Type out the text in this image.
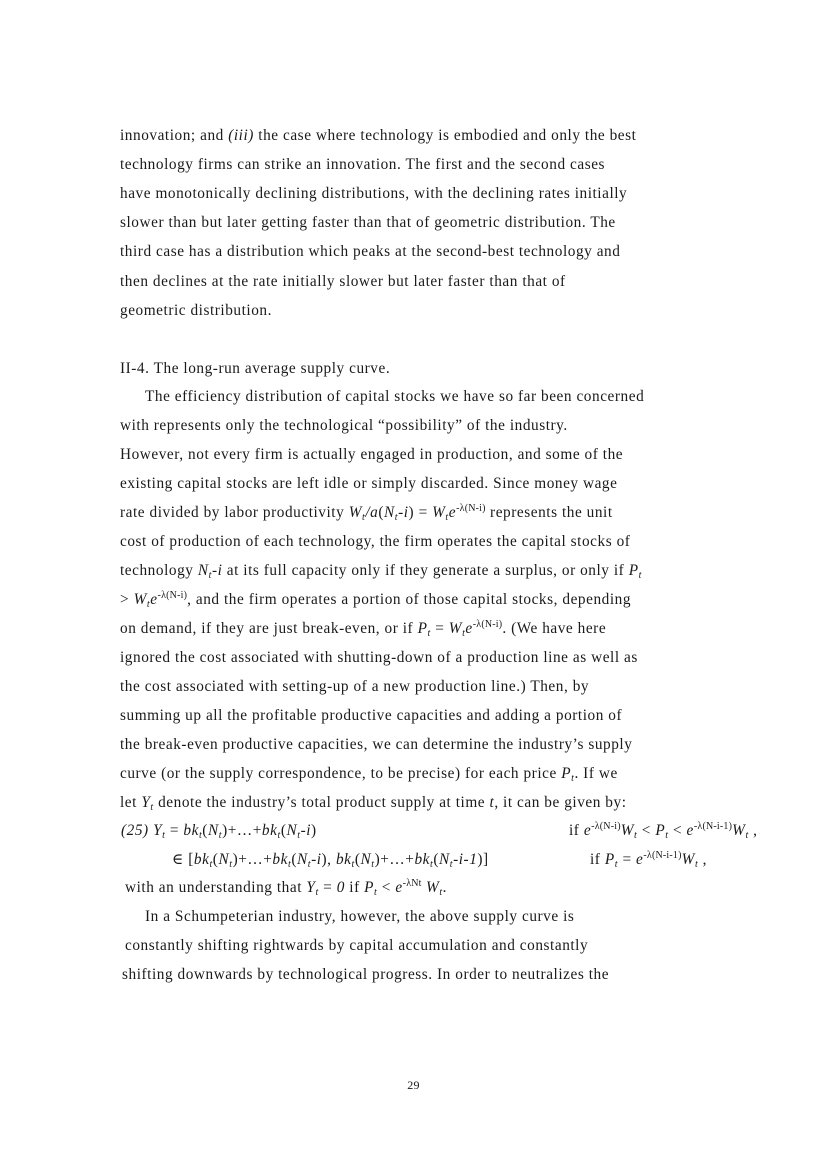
innovation; and (iii) the case where technology is embodied and only the best
technology firms can strike an innovation. The first and the second cases
have monotonically declining distributions, with the declining rates initially
slower than but later getting faster than that of geometric distribution. The
third case has a distribution which peaks at the second-best technology and
then declines at the rate initially slower but later faster than that of
geometric distribution.
II-4. The long-run average supply curve.
The efficiency distribution of capital stocks we have so far been concerned
with represents only the technological “possibility” of the industry.
However, not every firm is actually engaged in production, and some of the
existing capital stocks are left idle or simply discarded. Since money wage
rate divided by labor productivity $W_t/a(N_t-i) = W_te^{-\lambda(N-i)}$ represents the unit
cost of production of each technology, the firm operates the capital stocks of
technology $N_t-i$ at its full capacity only if they generate a surplus, or only if $P_t$
> $W_te^{-\lambda(N-i)}$, and the firm operates a portion of those capital stocks, depending
on demand, if they are just break-even, or if $P_t = W_te^{-\lambda(N-i)}$. (We have here
ignored the cost associated with shutting-down of a production line as well as
the cost associated with setting-up of a new production line.) Then, by
summing up all the profitable productive capacities and adding a portion of
the break-even productive capacities, we can determine the industry’s supply
curve (or the supply correspondence, to be precise) for each price $P_t$. If we
let $Y_t$ denote the industry’s total product supply at time t, it can be given by:
(25) $Y_t$ = $bk_t(N_t)+\dots+bk_t(N_t-i)$	if $e^{-\lambda(N-i)}W_t < P_t < e^{-\lambda(N-i-1)}W_t$ ,
∈ [$bk_t(N_t)+\dots+bk_t(N_t-i)$, $bk_t(N_t)+\dots+bk_t(N_t-i-1)$]	if $P_t = e^{-\lambda(N-i-1)}W_t$ ,
with an understanding that $Y_t = 0$ if $P_t < e^{-\lambda Nt}$ $W_t$.
In a Schumpeterian industry, however, the above supply curve is
constantly shifting rightwards by capital accumulation and constantly
shifting downwards by technological progress. In order to neutralizes the
29
